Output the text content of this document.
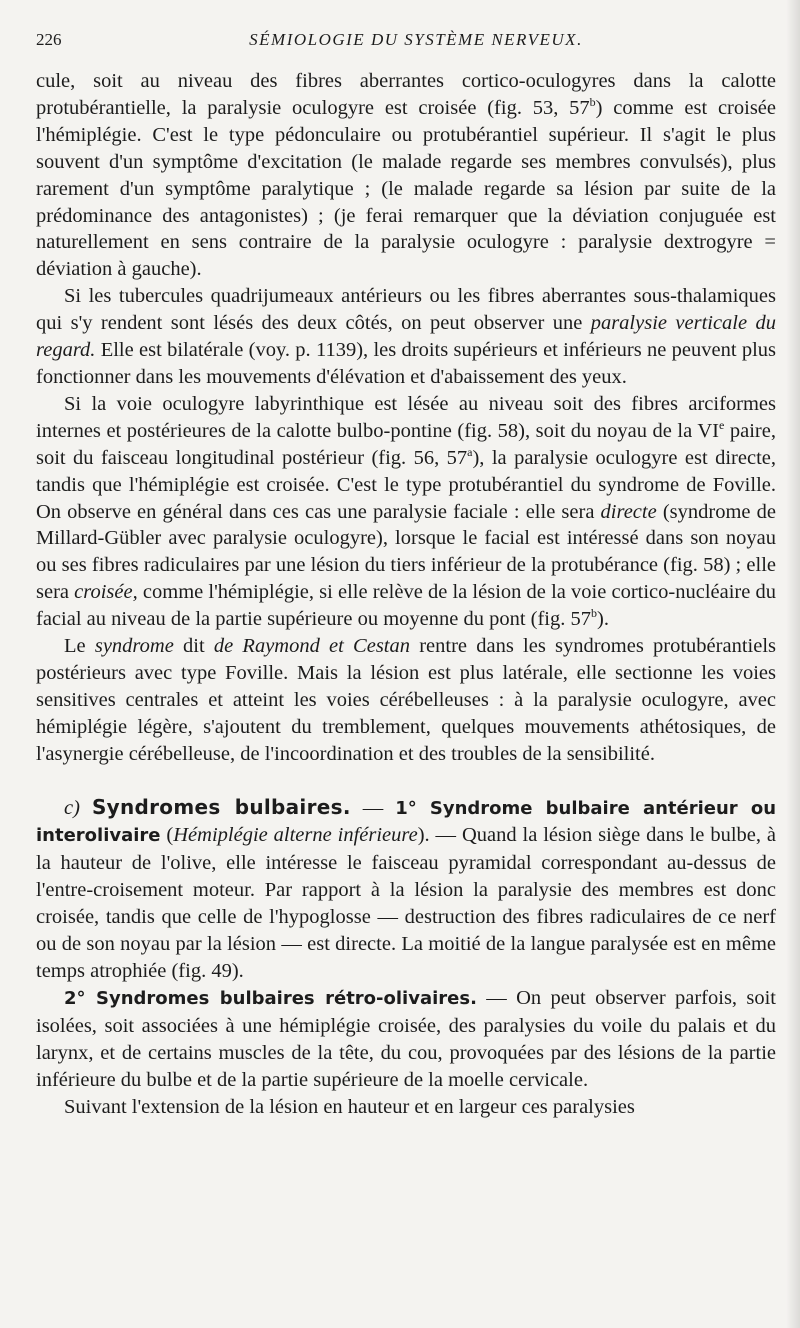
226	SÉMIOLOGIE DU SYSTÈME NERVEUX.

cule, soit au niveau des fibres aberrantes cortico-oculogyres dans la calotte protubérantielle, la paralysie oculogyre est croisée (fig. 53, 57$^b$) comme est croisée l'hémiplégie. C'est le type pédonculaire ou protubérantiel supérieur. Il s'agit le plus souvent d'un symptôme d'excitation (le malade regarde ses membres convulsés), plus rarement d'un symptôme paralytique ; (le malade regarde sa lésion par suite de la prédominance des antagonistes) ; (je ferai remarquer que la déviation conjuguée est naturellement en sens contraire de la paralysie oculogyre : paralysie dextrogyre = déviation à gauche).

Si les tubercules quadrijumeaux antérieurs ou les fibres aberrantes sous-thalamiques qui s'y rendent sont lésés des deux côtés, on peut observer une paralysie verticale du regard. Elle est bilatérale (voy. p. 1139), les droits supérieurs et inférieurs ne peuvent plus fonctionner dans les mouvements d'élévation et d'abaissement des yeux.

Si la voie oculogyre labyrinthique est lésée au niveau soit des fibres arciformes internes et postérieures de la calotte bulbo-pontine (fig. 58), soit du noyau de la VIe paire, soit du faisceau longitudinal postérieur (fig. 56, 57$^a$), la paralysie oculogyre est directe, tandis que l'hémiplégie est croisée. C'est le type protubérantiel du syndrome de Foville. On observe en général dans ces cas une paralysie faciale : elle sera directe (syndrome de Millard-Gübler avec paralysie oculogyre), lorsque le facial est intéressé dans son noyau ou ses fibres radiculaires par une lésion du tiers inférieur de la protubérance (fig. 58) ; elle sera croisée, comme l'hémiplégie, si elle relève de la lésion de la voie cortico-nucléaire du facial au niveau de la partie supérieure ou moyenne du pont (fig. 57$^b$).

Le syndrome dit de Raymond et Cestan rentre dans les syndromes protubérantiels postérieurs avec type Foville. Mais la lésion est plus latérale, elle sectionne les voies sensitives centrales et atteint les voies cérébelleuses : à la paralysie oculogyre, avec hémiplégie légère, s'ajoutent du tremblement, quelques mouvements athétosiques, de l'asynergie cérébelleuse, de l'incoordination et des troubles de la sensibilité.

c) Syndromes bulbaires. — 1° Syndrome bulbaire antérieur ou interolivaire (Hémiplégie alterne inférieure). — Quand la lésion siège dans le bulbe, à la hauteur de l'olive, elle intéresse le faisceau pyramidal correspondant au-dessus de l'entre-croisement moteur. Par rapport à la lésion la paralysie des membres est donc croisée, tandis que celle de l'hypoglosse — destruction des fibres radiculaires de ce nerf ou de son noyau par la lésion — est directe. La moitié de la langue paralysée est en même temps atrophiée (fig. 49).

2° Syndromes bulbaires rétro-olivaires. — On peut observer parfois, soit isolées, soit associées à une hémiplégie croisée, des paralysies du voile du palais et du larynx, et de certains muscles de la tête, du cou, provoquées par des lésions de la partie inférieure du bulbe et de la partie supérieure de la moelle cervicale.

Suivant l'extension de la lésion en hauteur et en largeur ces paralysies
